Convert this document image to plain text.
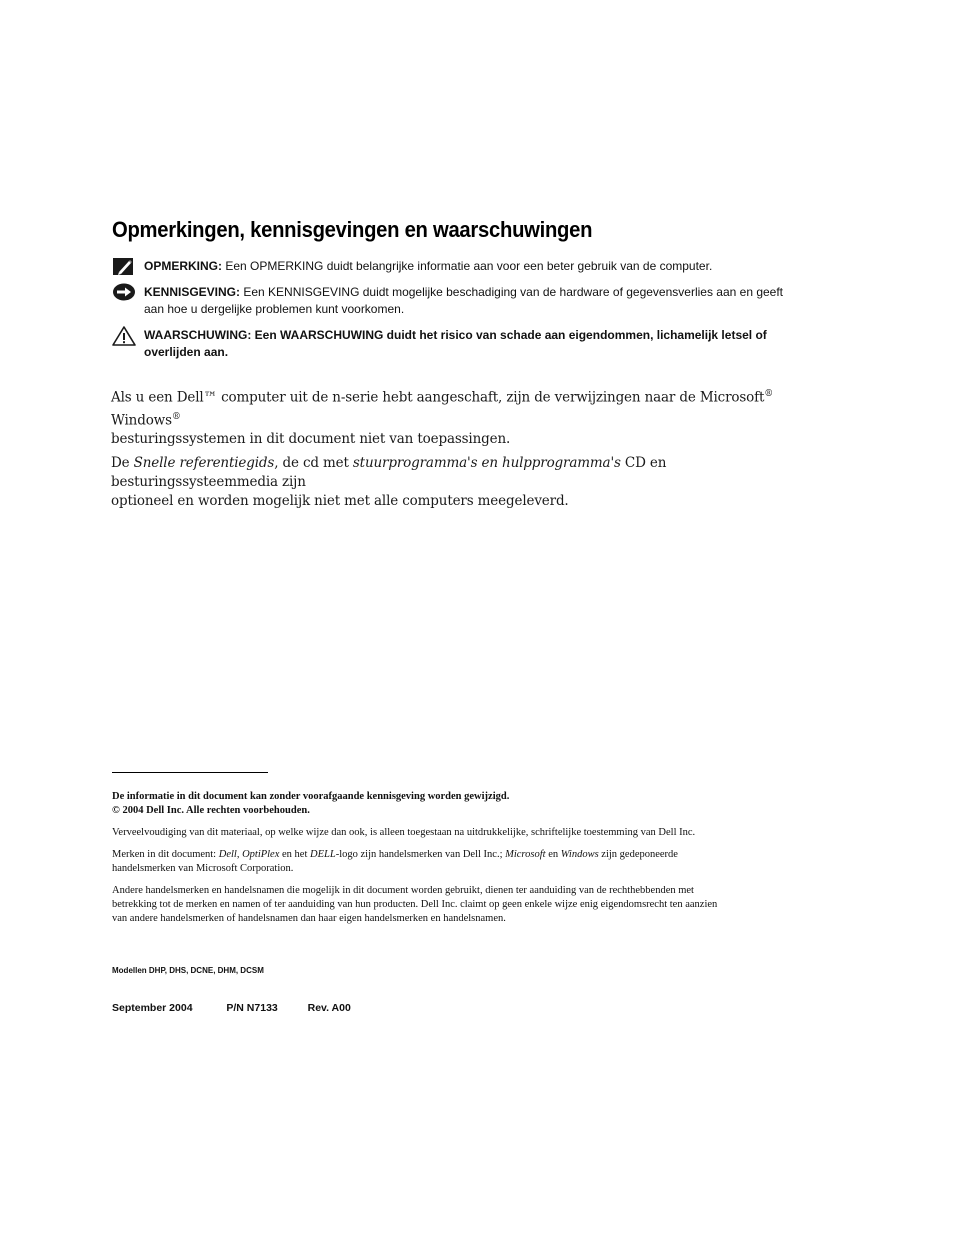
Opmerkingen, kennisgevingen en waarschuwingen
OPMERKING: Een OPMERKING duidt belangrijke informatie aan voor een beter gebruik van de computer.
KENNISGEVING: Een KENNISGEVING duidt mogelijke beschadiging van de hardware of gegevensverlies aan en geeft
aan hoe u dergelijke problemen kunt voorkomen.
WAARSCHUWING: Een WAARSCHUWING duidt het risico van schade aan eigendommen, lichamelijk letsel of
overlijden aan.
Als u een Dell™ computer uit de n-serie hebt aangeschaft, zijn de verwijzingen naar de Microsoft® Windows®
besturingssystemen in dit document niet van toepassingen.
De Snelle referentiegids, de cd met stuurprogramma's en hulpprogramma's CD en besturingssysteemmedia zijn
optioneel en worden mogelijk niet met alle computers meegeleverd.
De informatie in dit document kan zonder voorafgaande kennisgeving worden gewijzigd.
© 2004 Dell Inc. Alle rechten voorbehouden.
Verveelvoudiging van dit materiaal, op welke wijze dan ook, is alleen toegestaan na uitdrukkelijke, schriftelijke toestemming van Dell Inc.
Merken in dit document: Dell, OptiPlex en het DELL-logo zijn handelsmerken van Dell Inc.; Microsoft en Windows zijn gedeponeerde
handelsmerken van Microsoft Corporation.
Andere handelsmerken en handelsnamen die mogelijk in dit document worden gebruikt, dienen ter aanduiding van de rechthebbenden met
betrekking tot de merken en namen of ter aanduiding van hun producten. Dell Inc. claimt op geen enkele wijze enig eigendomsrecht ten aanzien
van andere handelsmerken of handelsnamen dan haar eigen handelsmerken en handelsnamen.
Modellen DHP, DHS, DCNE, DHM, DCSM
September 2004	P/N N7133	Rev. A00
